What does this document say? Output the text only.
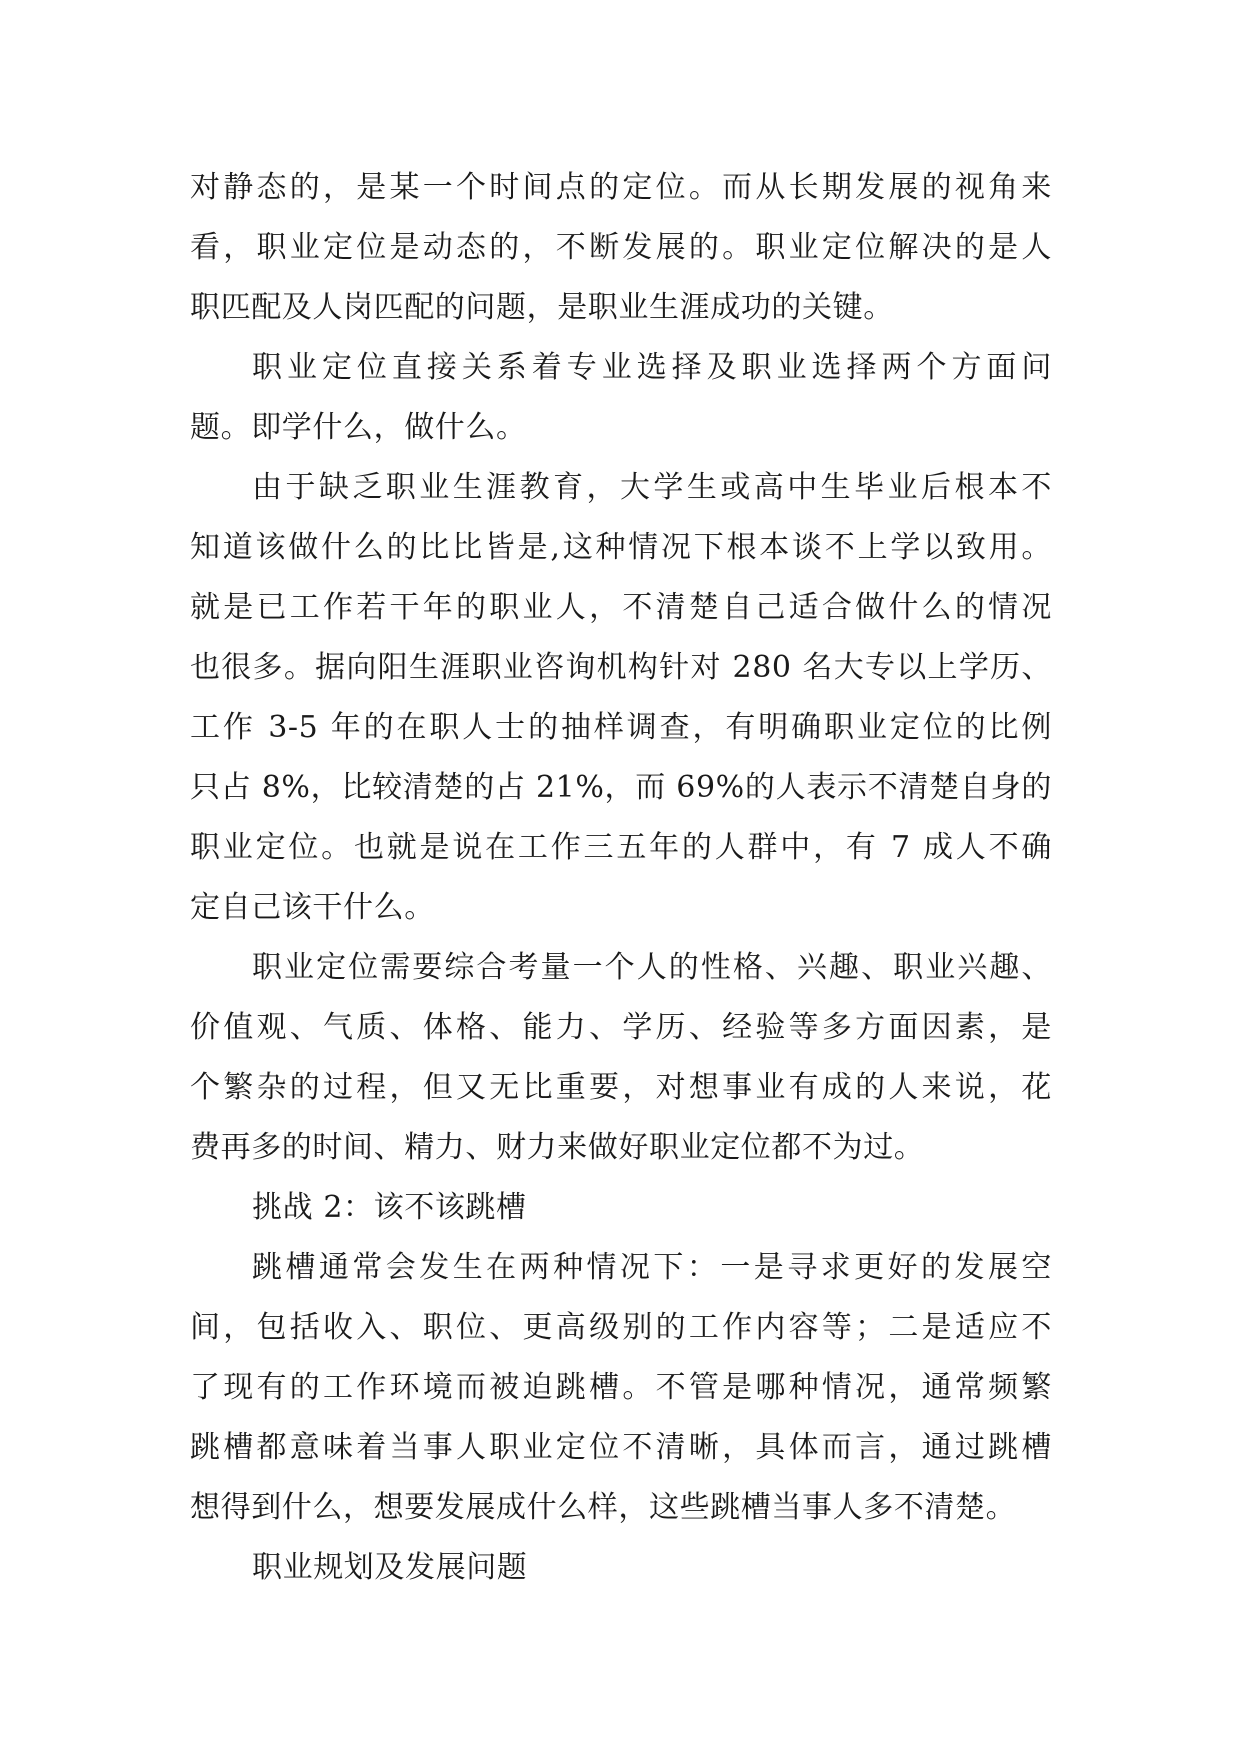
对静态的，是某一个时间点的定位。而从长期发展的视角来
看，职业定位是动态的，不断发展的。职业定位解决的是人
职匹配及人岗匹配的问题，是职业生涯成功的关键。

职业定位直接关系着专业选择及职业选择两个方面问
题。即学什么，做什么。

由于缺乏职业生涯教育，大学生或高中生毕业后根本不
知道该做什么的比比皆是,这种情况下根本谈不上学以致用。
就是已工作若干年的职业人，不清楚自己适合做什么的情况
也很多。据向阳生涯职业咨询机构针对 280 名大专以上学历、
工作 3-5 年的在职人士的抽样调查，有明确职业定位的比例
只占 8%，比较清楚的占 21%，而 69%的人表示不清楚自身的
职业定位。也就是说在工作三五年的人群中，有 7 成人不确
定自己该干什么。

职业定位需要综合考量一个人的性格、兴趣、职业兴趣、
价值观、气质、体格、能力、学历、经验等多方面因素，是
个繁杂的过程，但又无比重要，对想事业有成的人来说，花
费再多的时间、精力、财力来做好职业定位都不为过。

挑战 2：该不该跳槽

跳槽通常会发生在两种情况下：一是寻求更好的发展空
间，包括收入、职位、更高级别的工作内容等；二是适应不
了现有的工作环境而被迫跳槽。不管是哪种情况，通常频繁
跳槽都意味着当事人职业定位不清晰，具体而言，通过跳槽
想得到什么，想要发展成什么样，这些跳槽当事人多不清楚。

职业规划及发展问题
